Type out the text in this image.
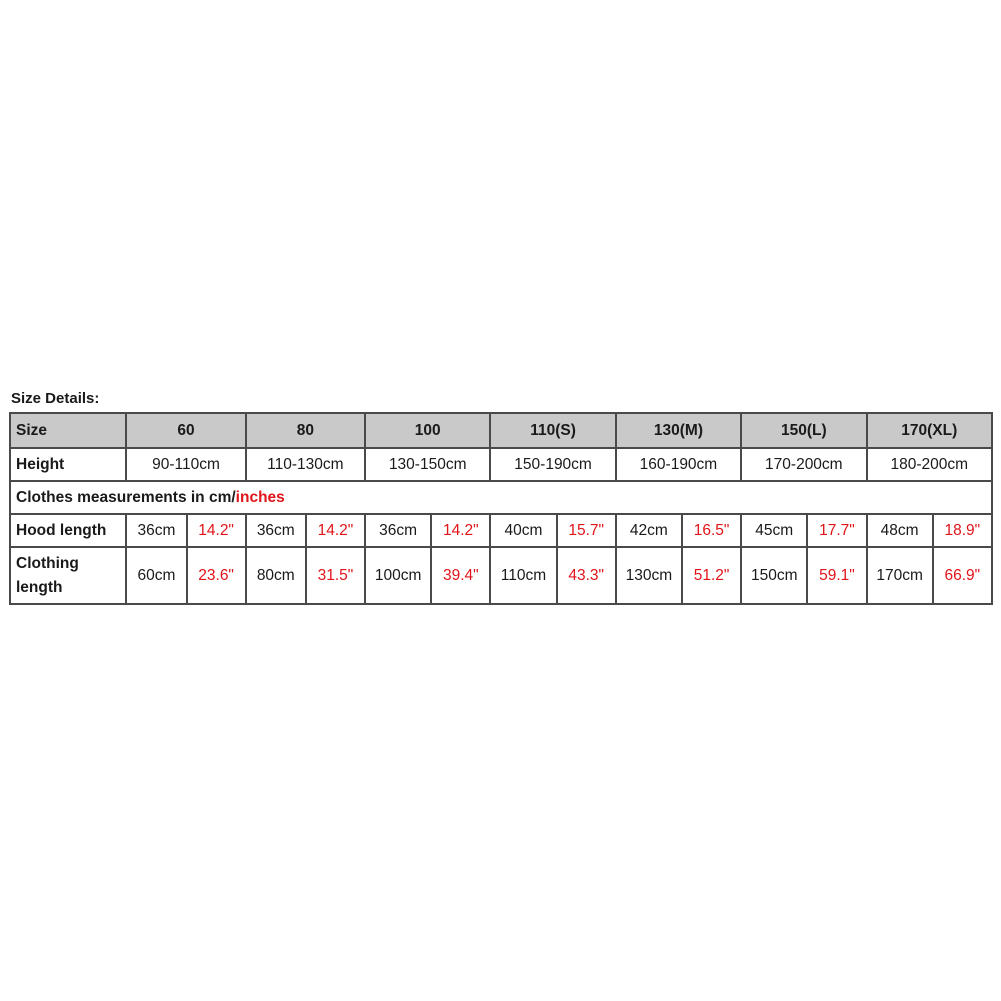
Size Details:
Size	60		80		100		110(S)		130(M)		150(L)		170(XL)	
Height	90-110cm		110-130cm		130-150cm		150-190cm		160-190cm		170-200cm		180-200cm	
Clothes measurements in cm/inches														
Hood length	36cm	14.2"	36cm	14.2"	36cm	14.2"	40cm	15.7"	42cm	16.5"	45cm	17.7"	48cm	18.9"
Clothing length	60cm	23.6"	80cm	31.5"	100cm	39.4"	110cm	43.3"	130cm	51.2"	150cm	59.1"	170cm	66.9"
